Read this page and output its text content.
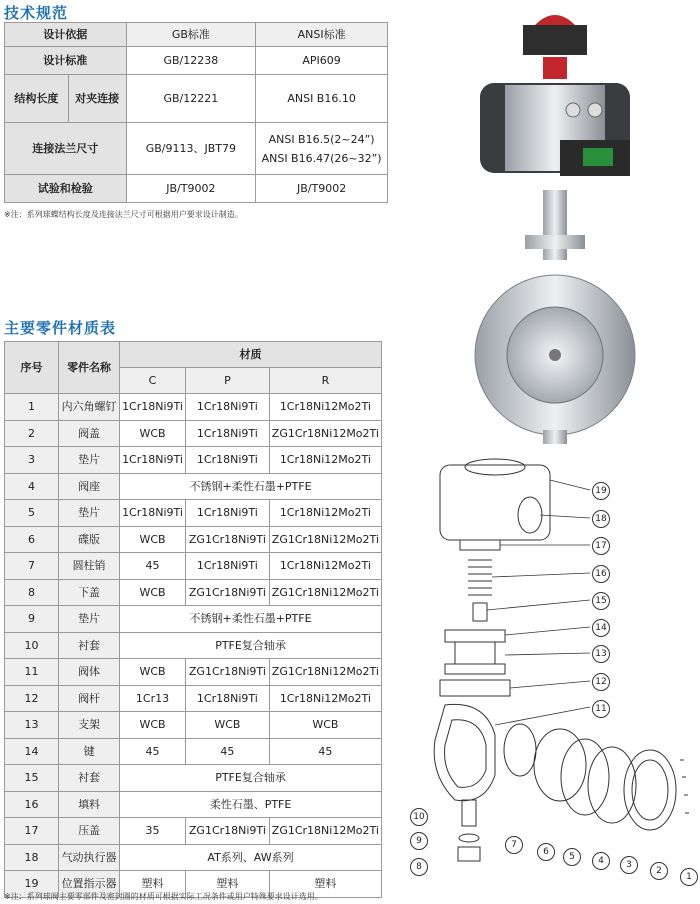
技术规范
设计依据		GB标准	ANSI标准
设计标准		GB/12238	API609
结构长度	对夹连接	GB/12221	ANSI B16.10
连接法兰尺寸		GB/9113、JBT79	ANSI B16.5(2~24”)
ANSI B16.47(26~32”)

试验和检验		JB/T9002	JB/T9002
※注：系列球蝶结构长度及连接法兰尺寸可根据用户要求设计制造。
主要零件材质表
序号	零件名称	材质		
		C	P	R
1	内六角螺钉	1Cr18Ni9Ti	1Cr18Ni9Ti	1Cr18Ni12Mo2Ti
2	阀盖	WCB	1Cr18Ni9Ti	ZG1Cr18Ni12Mo2Ti
3	垫片	1Cr18Ni9Ti	1Cr18Ni9Ti	1Cr18Ni12Mo2Ti
4	阀座	不锈钢+柔性石墨+PTFE		
5	垫片	1Cr18Ni9Ti	1Cr18Ni9Ti	1Cr18Ni12Mo2Ti
6	碟版	WCB	ZG1Cr18Ni9Ti	ZG1Cr18Ni12Mo2Ti
7	圆柱销	45	1Cr18Ni9Ti	1Cr18Ni12Mo2Ti
8	下盖	WCB	ZG1Cr18Ni9Ti	ZG1Cr18Ni12Mo2Ti
9	垫片	不锈钢+柔性石墨+PTFE		
10	衬套	PTFE复合轴承		
11	阀体	WCB	ZG1Cr18Ni9Ti	ZG1Cr18Ni12Mo2Ti
12	阀杆	1Cr13	1Cr18Ni9Ti	1Cr18Ni12Mo2Ti
13	支架	WCB	WCB	WCB
14	键	45	45	45
15	衬套	PTFE复合轴承		
16	填料	柔性石墨、PTFE		
17	压盖	35	ZG1Cr18Ni9Ti	ZG1Cr18Ni12Mo2Ti
18	气动执行器	AT系列、AW系列		
19	位置指示器	塑料	塑料	塑料
※注：系列球阀主要零部件及密封圈的材质可根据实际工况条件或用户特殊要求设计选用。
1
2
3
4
5
6
7
8
9
10
11
12
13
14
15
16
17
18
19
